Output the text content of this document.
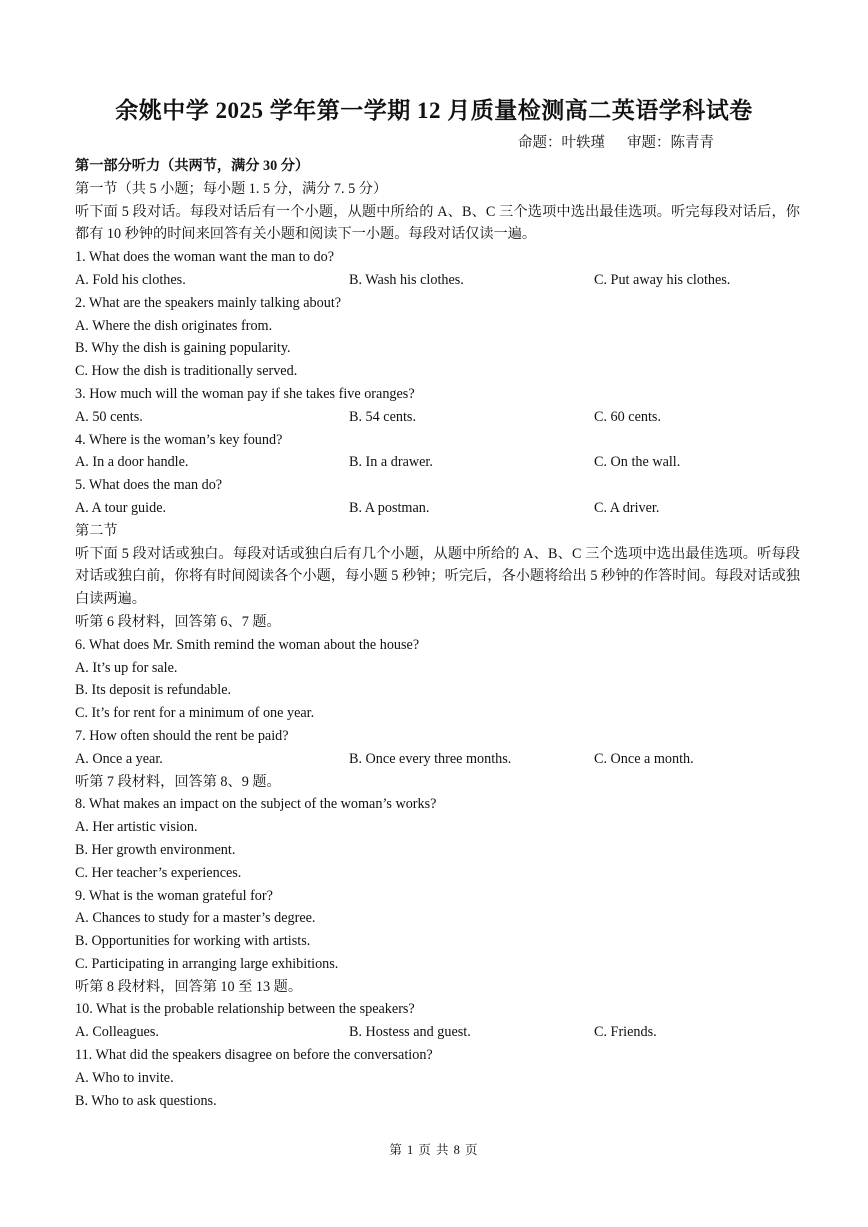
余姚中学 2025 学年第一学期 12 月质量检测高二英语学科试卷
命题：叶轶瑾 审题：陈青青
第一部分听力（共两节，满分 30 分）
第一节（共 5 小题；每小题 1. 5 分，满分 7. 5 分）
听下面 5 段对话。每段对话后有一个小题，从题中所给的 A、B、C 三个选项中选出最佳选项。听完每段对话后，你都有 10 秒钟的时间来回答有关小题和阅读下一小题。每段对话仅读一遍。
1. What does the woman want the man to do?
A. Fold his clothes.	B. Wash his clothes.	C. Put away his clothes.
2. What are the speakers mainly talking about?
A. Where the dish originates from.
B. Why the dish is gaining popularity.
C. How the dish is traditionally served.
3. How much will the woman pay if she takes five oranges?
A. 50 cents.	B. 54 cents.	C. 60 cents.
4. Where is the woman’s key found?
A. In a door handle.	B. In a drawer.	C. On the wall.
5. What does the man do?
A. A tour guide.	B. A postman.	C. A driver.
第二节
听下面 5 段对话或独白。每段对话或独白后有几个小题，从题中所给的 A、B、C 三个选项中选出最佳选项。听每段对话或独白前，你将有时间阅读各个小题，每小题 5 秒钟；听完后，各小题将给出 5 秒钟的作答时间。每段对话或独白读两遍。
听第 6 段材料，回答第 6、7 题。
6. What does Mr. Smith remind the woman about the house?
A. It’s up for sale.
B. Its deposit is refundable.
C. It’s for rent for a minimum of one year.
7. How often should the rent be paid?
A. Once a year.	B. Once every three months.	C. Once a month.
听第 7 段材料，回答第 8、9 题。
8. What makes an impact on the subject of the woman’s works?
A. Her artistic vision.
B. Her growth environment.
C. Her teacher’s experiences.
9. What is the woman grateful for?
A. Chances to study for a master’s degree.
B. Opportunities for working with artists.
C. Participating in arranging large exhibitions.
听第 8 段材料，回答第 10 至 13 题。
10. What is the probable relationship between the speakers?
A. Colleagues.	B. Hostess and guest.	C. Friends.
11. What did the speakers disagree on before the conversation?
A. Who to invite.
B. Who to ask questions.
第 1 页 共 8 页
